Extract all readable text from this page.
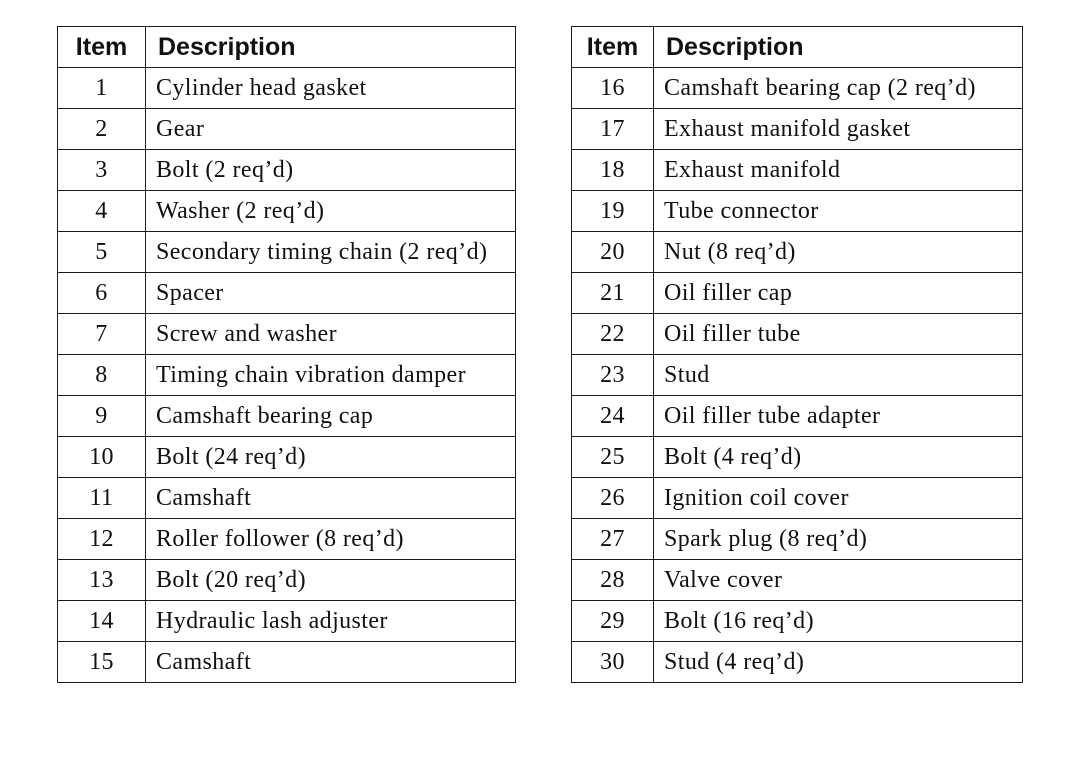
Item	Description
1	Cylinder head gasket
2	Gear
3	Bolt (2 req’d)
4	Washer (2 req’d)
5	Secondary timing chain (2 req’d)
6	Spacer
7	Screw and washer
8	Timing chain vibration damper
9	Camshaft bearing cap
10	Bolt (24 req’d)
11	Camshaft
12	Roller follower (8 req’d)
13	Bolt (20 req’d)
14	Hydraulic lash adjuster
15	Camshaft
Item	Description
16	Camshaft bearing cap (2 req’d)
17	Exhaust manifold gasket
18	Exhaust manifold
19	Tube connector
20	Nut (8 req’d)
21	Oil filler cap
22	Oil filler tube
23	Stud
24	Oil filler tube adapter
25	Bolt (4 req’d)
26	Ignition coil cover
27	Spark plug (8 req’d)
28	Valve cover
29	Bolt (16 req’d)
30	Stud (4 req’d)
